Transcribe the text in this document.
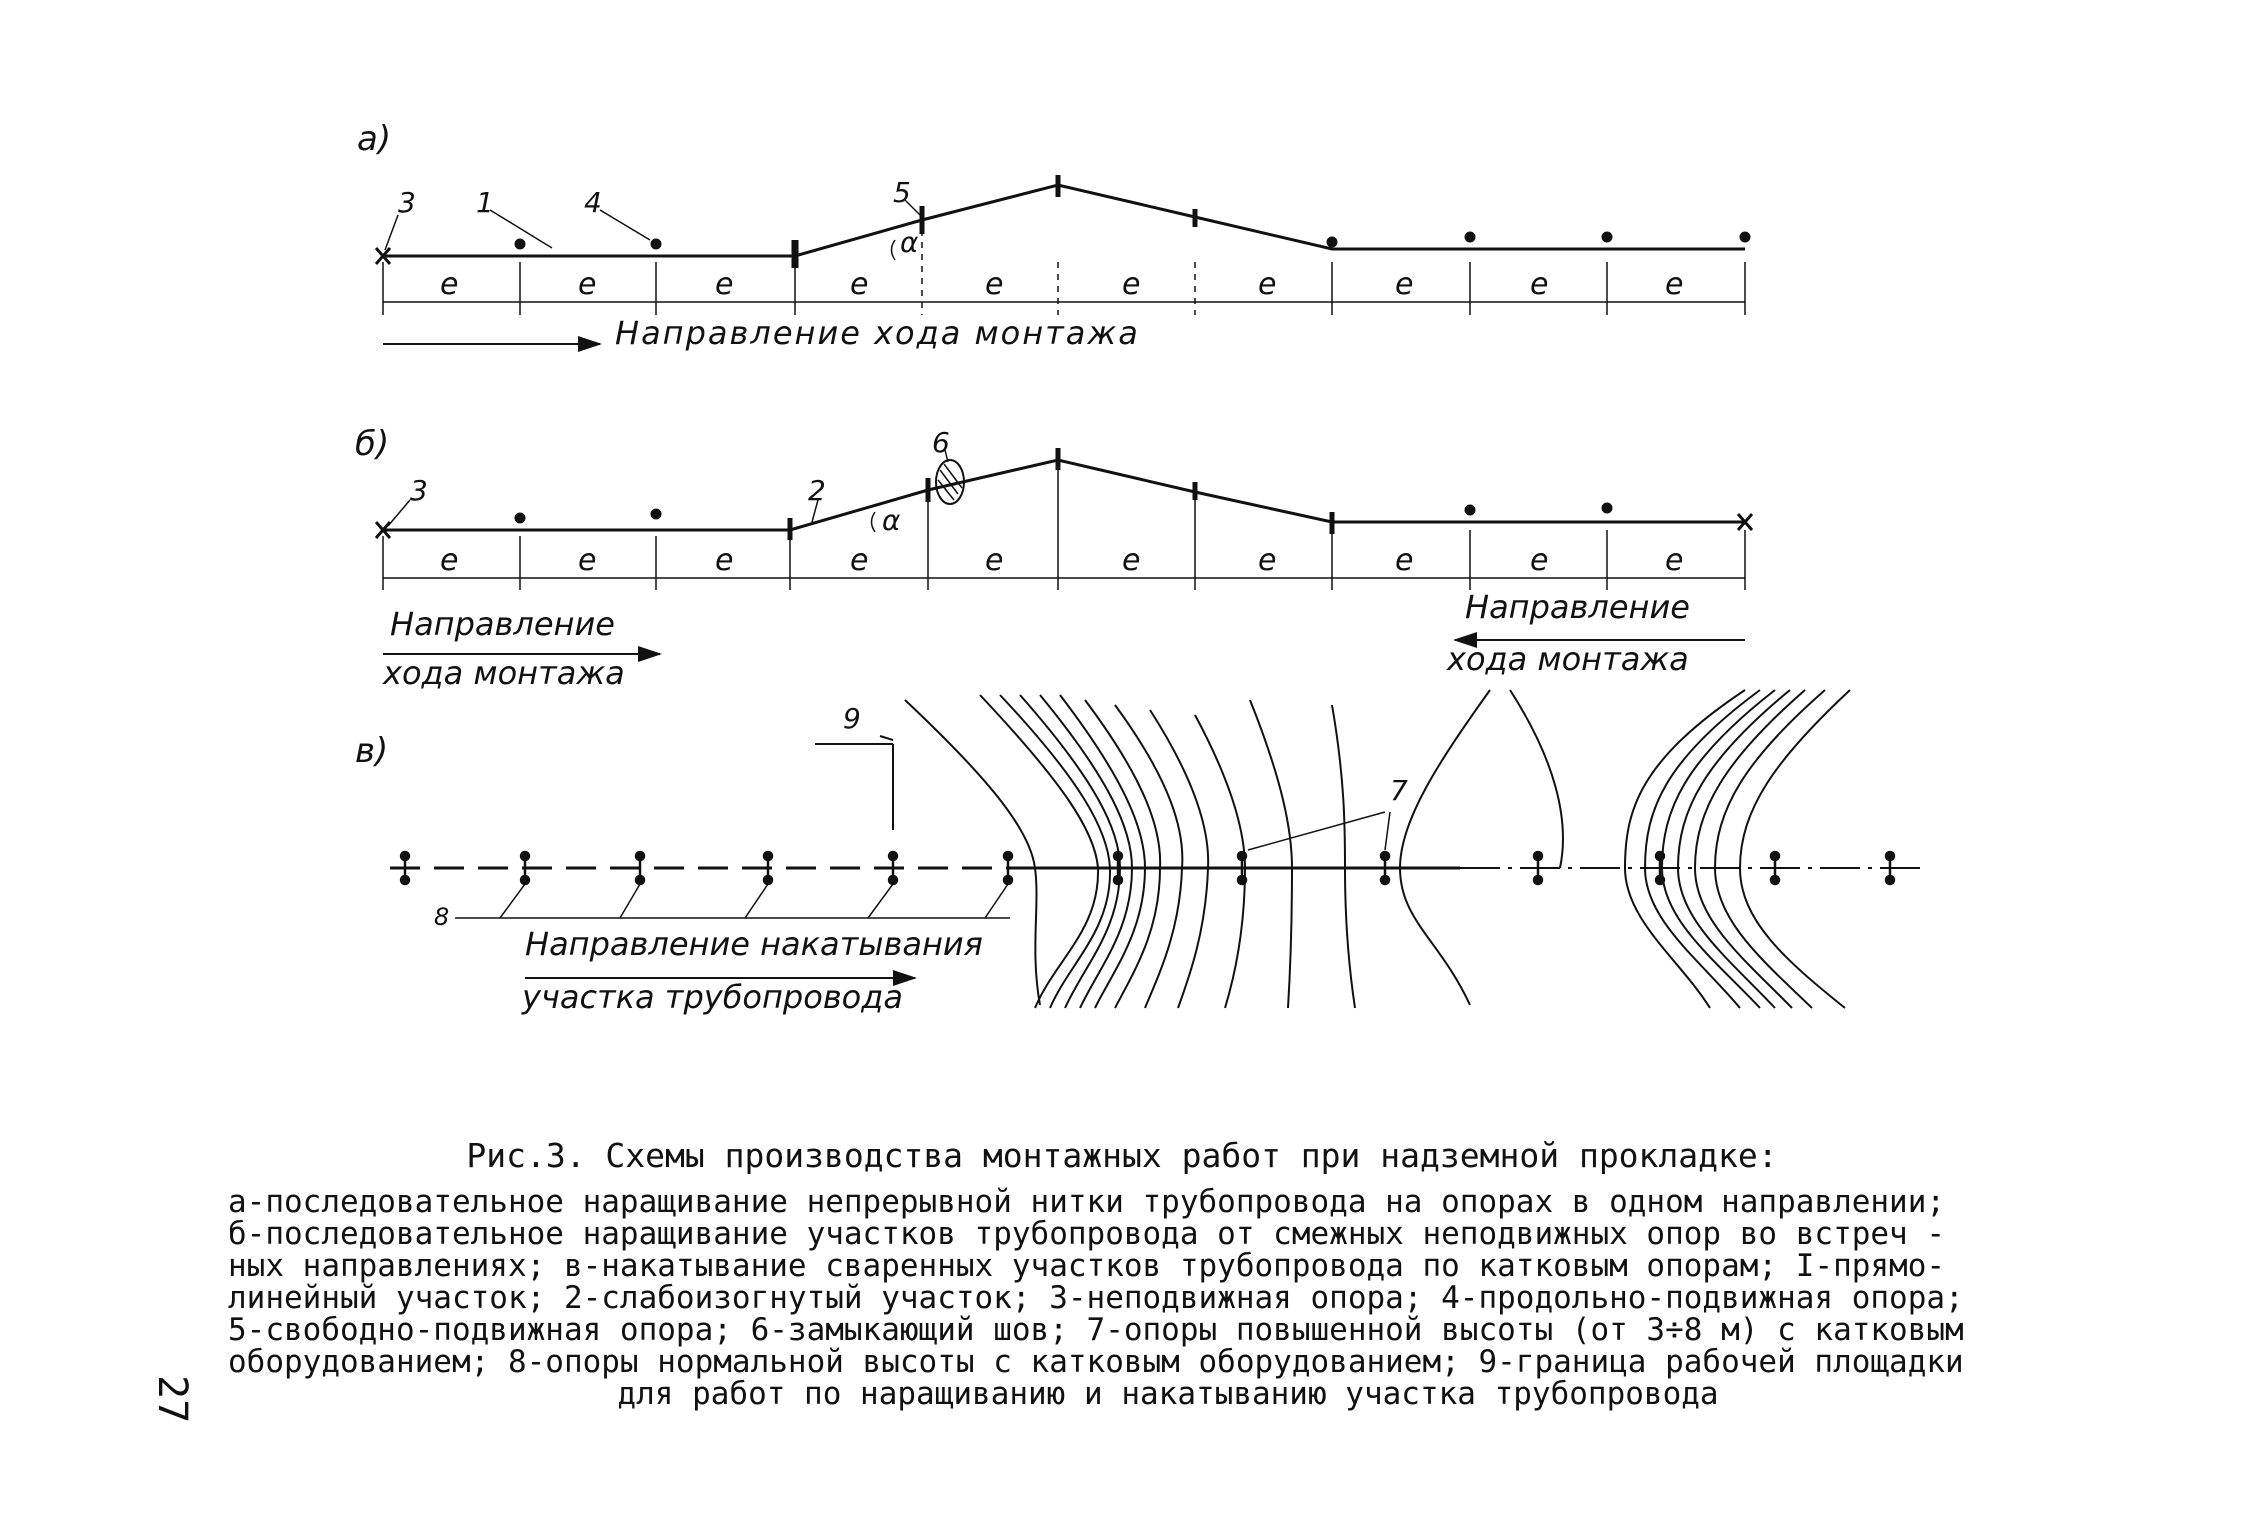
а)
e	e	e	e	e	e	e	e	e	e
3 1	4	5
α
Направление хода монтажа
б)
e	e	e	e	e	e	e	e	e	e
3	2
6
α
Направление
хода монтажа
Направление
хода монтажа
в)
9
8
7
Направление накатывания
участка трубопровода
Рис.3. Схемы производства монтажных работ при надземной прокладке:
а-последовательное наращивание непрерывной нитки трубопровода на опорах в одном направлении;
б-последовательное наращивание участков трубопровода от смежных неподвижных опор во встреч -
ных направлениях; в-накатывание сваренных участков трубопровода по катковым опорам; I-прямо-
линейный участок; 2-слабоизогнутый участок; 3-неподвижная опора; 4-продольно-подвижная опора;
5-свободно-подвижная опора; 6-замыкающий шов; 7-опоры повышенной высоты (от 3÷8 м) с катковым
оборудованием; 8-опоры нормальной высоты с катковым оборудованием; 9-граница рабочей площадки
для работ по наращиванию и накатыванию участка трубопровода
27
